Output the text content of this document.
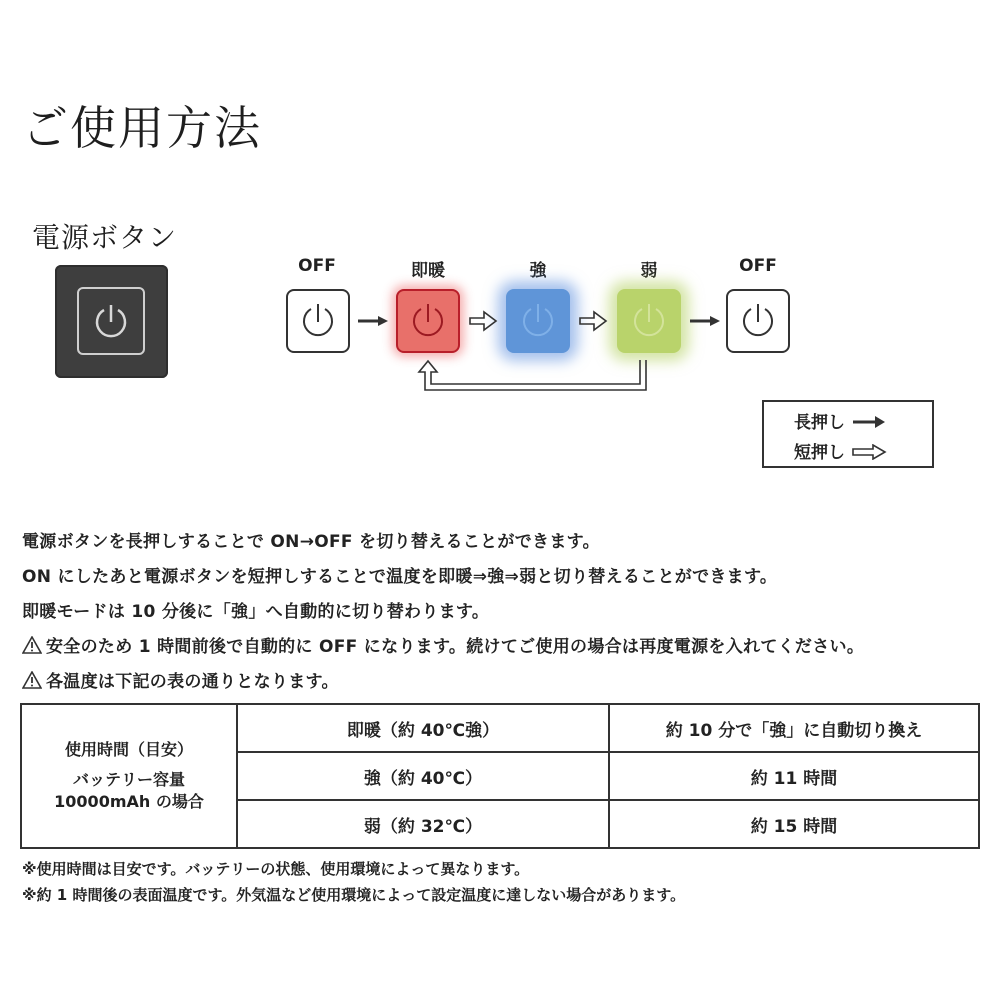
ご使用方法
電源ボタン
OFF	即暖	強	弱	OFF
長押し
短押し
電源ボタンを長押しすることで ON→OFF を切り替えることができます。
ON にしたあと電源ボタンを短押しすることで温度を即暖⇒強⇒弱と切り替えることができます。
即暖モードは 10 分後に「強」へ自動的に切り替わります。
安全のため 1 時間前後で自動的に OFF になります。続けてご使用の場合は再度電源を入れてください。
各温度は下記の表の通りとなります。
使用時間（目安）
バッテリー容量
10000mAh の場合	即暖（約 40℃強）	約 10 分で「強」に自動切り換え
	強（約 40℃）	約 11 時間
	弱（約 32℃）	約 15 時間
※使用時間は目安です。バッテリーの状態、使用環境によって異なります。
※約 1 時間後の表面温度です。外気温など使用環境によって設定温度に達しない場合があります。
